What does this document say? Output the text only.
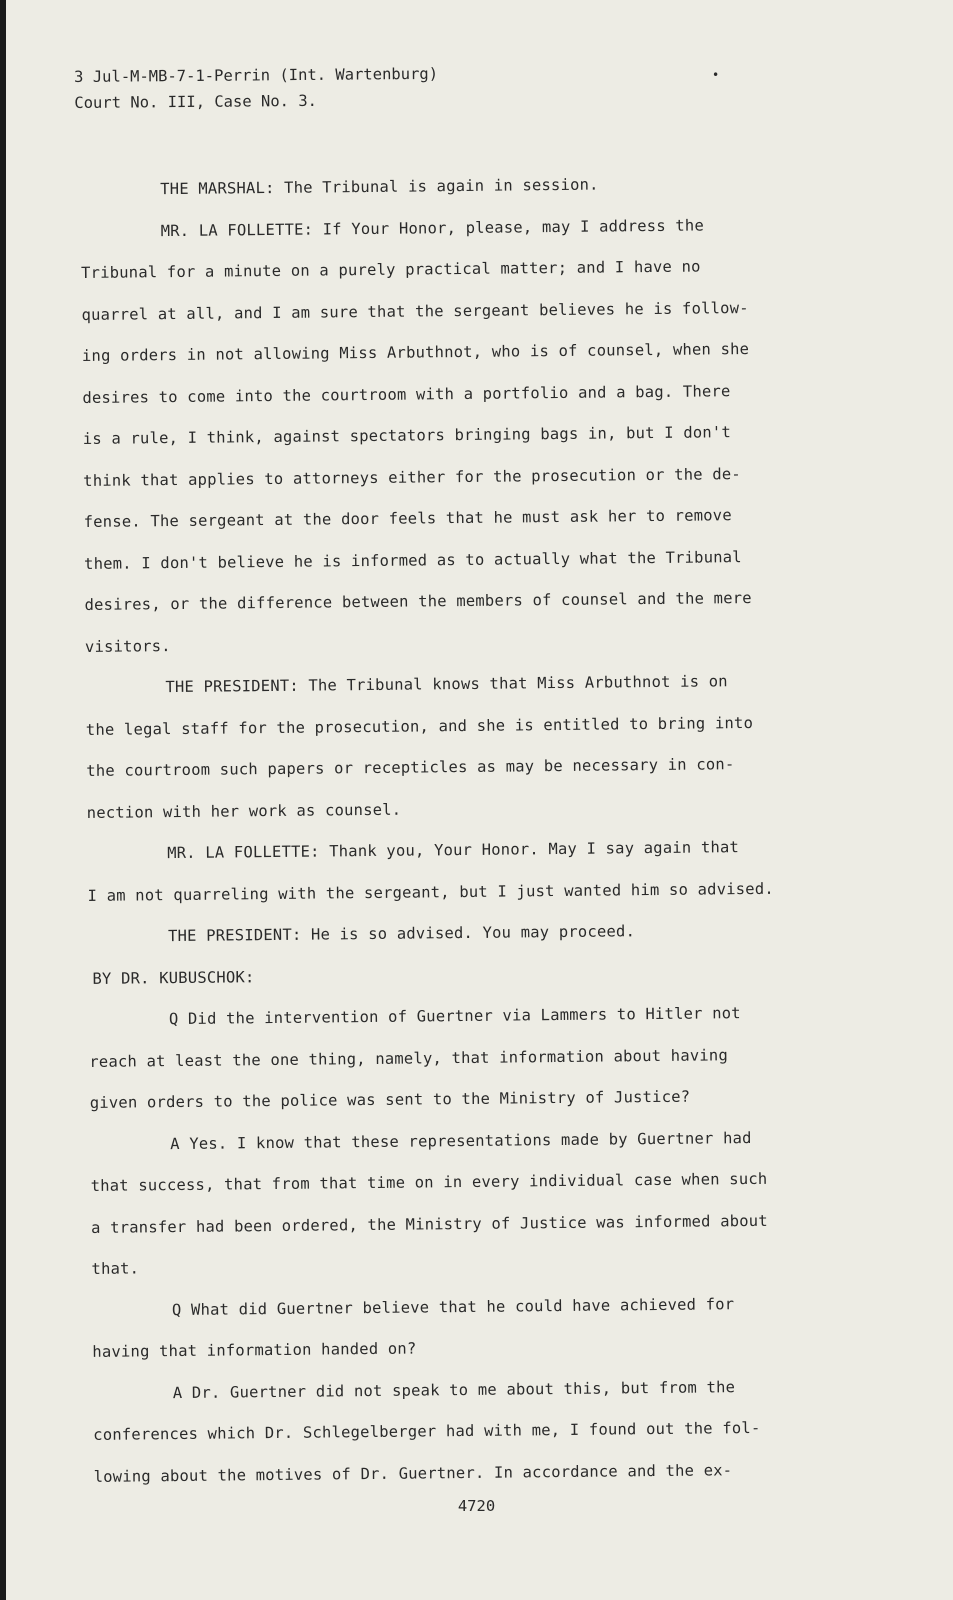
3 Jul-M-MB-7-1-Perrin (Int. Wartenburg)
Court No. III, Case No. 3.
•
THE MARSHAL: The Tribunal is again in session.
MR. LA FOLLETTE: If Your Honor, please, may I address the
Tribunal for a minute on a purely practical matter; and I have no
quarrel at all, and I am sure that the sergeant believes he is follow-
ing orders in not allowing Miss Arbuthnot, who is of counsel, when she
desires to come into the courtroom with a portfolio and a bag. There
is a rule, I think, against spectators bringing bags in, but I don't
think that applies to attorneys either for the prosecution or the de-
fense. The sergeant at the door feels that he must ask her to remove
them. I don't believe he is informed as to actually what the Tribunal
desires, or the difference between the members of counsel and the mere
visitors.
THE PRESIDENT: The Tribunal knows that Miss Arbuthnot is on
the legal staff for the prosecution, and she is entitled to bring into
the courtroom such papers or recepticles as may be necessary in con-
nection with her work as counsel.
MR. LA FOLLETTE: Thank you, Your Honor. May I say again that
I am not quarreling with the sergeant, but I just wanted him so advised.
THE PRESIDENT: He is so advised. You may proceed.
BY DR. KUBUSCHOK:
Q Did the intervention of Guertner via Lammers to Hitler not
reach at least the one thing, namely, that information about having
given orders to the police was sent to the Ministry of Justice?
A Yes. I know that these representations made by Guertner had
that success, that from that time on in every individual case when such
a transfer had been ordered, the Ministry of Justice was informed about
that.
Q What did Guertner believe that he could have achieved for
having that information handed on?
A Dr. Guertner did not speak to me about this, but from the
conferences which Dr. Schlegelberger had with me, I found out the fol-
lowing about the motives of Dr. Guertner. In accordance and the ex-
4720
